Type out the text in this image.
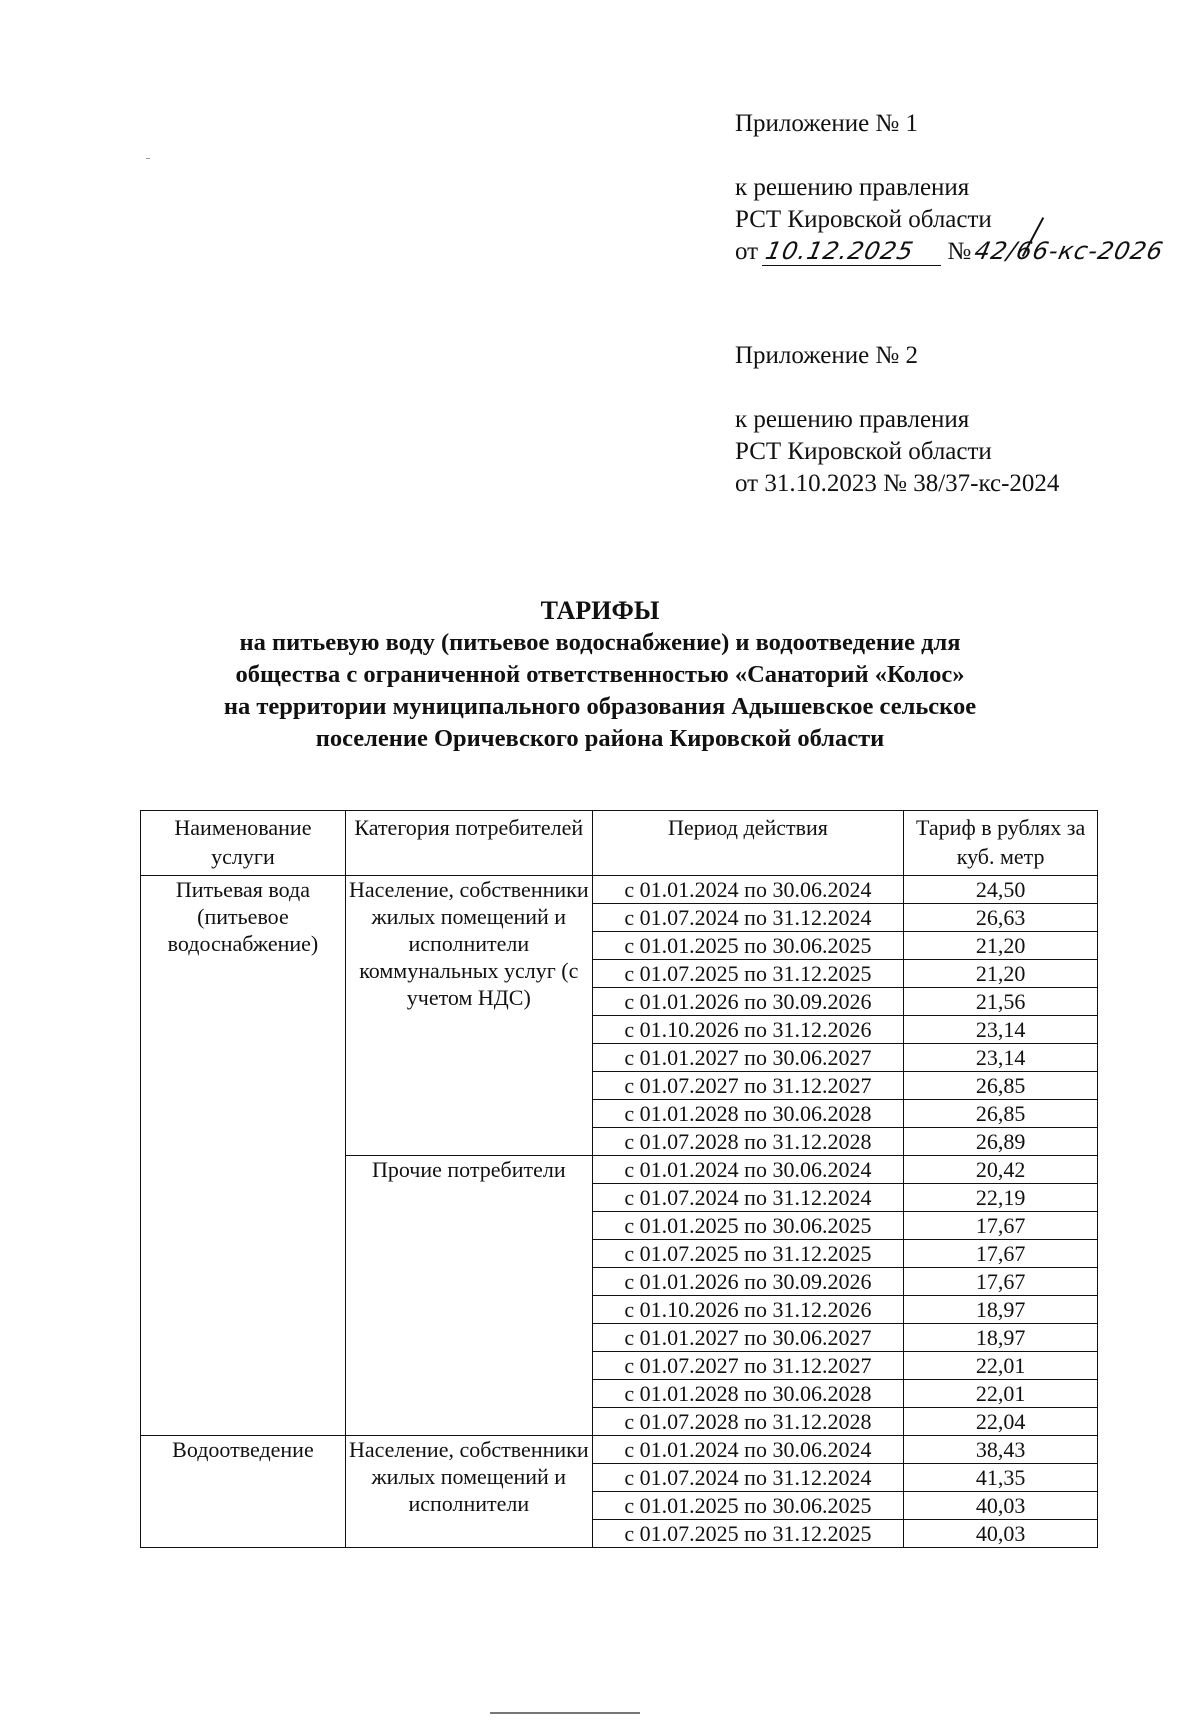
Приложение № 1
к решению правления
РСТ Кировской области
от 10.12.2025 №42/66-кс-2026
Приложение № 2
к решению правления
РСТ Кировской области
от 31.10.2023 № 38/37-кс-2024
ТАРИФЫ
на питьевую воду (питьевое водоснабжение) и водоотведение для
общества с ограниченной ответственностью «Санаторий «Колос»
на территории муниципального образования Адышевское сельское
поселение Оричевского района Кировской области
Наименование услуги	Категория потребителей	Период действия	Тариф в рублях за куб. метр
Питьевая вода (питьевое водоснабжение)	Население, собственники жилых помещений и исполнители коммунальных услуг (с учетом НДС)	с 01.01.2024 по 30.06.2024	24,50
		с 01.07.2024 по 31.12.2024	26,63
		с 01.01.2025 по 30.06.2025	21,20
		с 01.07.2025 по 31.12.2025	21,20
		с 01.01.2026 по 30.09.2026	21,56
		с 01.10.2026 по 31.12.2026	23,14
		с 01.01.2027 по 30.06.2027	23,14
		с 01.07.2027 по 31.12.2027	26,85
		с 01.01.2028 по 30.06.2028	26,85
		с 01.07.2028 по 31.12.2028	26,89
	Прочие потребители	с 01.01.2024 по 30.06.2024	20,42
		с 01.07.2024 по 31.12.2024	22,19
		с 01.01.2025 по 30.06.2025	17,67
		с 01.07.2025 по 31.12.2025	17,67
		с 01.01.2026 по 30.09.2026	17,67
		с 01.10.2026 по 31.12.2026	18,97
		с 01.01.2027 по 30.06.2027	18,97
		с 01.07.2027 по 31.12.2027	22,01
		с 01.01.2028 по 30.06.2028	22,01
		с 01.07.2028 по 31.12.2028	22,04
Водоотведение	Население, собственники жилых помещений и исполнители	с 01.01.2024 по 30.06.2024	38,43
		с 01.07.2024 по 31.12.2024	41,35
		с 01.01.2025 по 30.06.2025	40,03
		с 01.07.2025 по 31.12.2025	40,03
